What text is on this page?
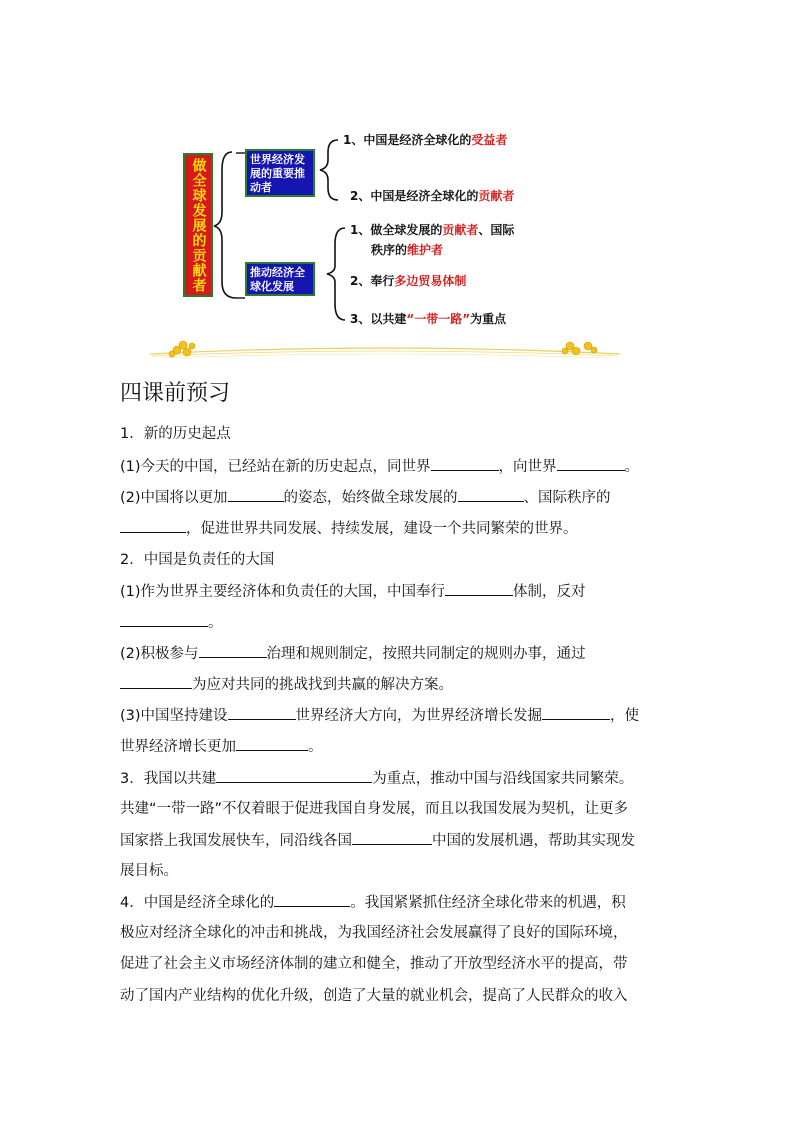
做全球发展的贡献者	世界经济发展的重要推动者
推动经济全球化发展
1、中国是经济全球化的受益者
2、中国是经济全球化的贡献者
1、做全球发展的贡献者、国际
秩序的维护者
2、奉行多边贸易体制
3、以共建“一带一路”为重点
四课前预习
1．新的历史起点
(1)今天的中国，已经站在新的历史起点，同世界	，向世界	。
(2)中国将以更加	的姿态，始终做全球发展的	、国际秩序的
，促进世界共同发展、持续发展，建设一个共同繁荣的世界。
2．中国是负责任的大国
(1)作为世界主要经济体和负责任的大国，中国奉行	体制，反对
。
(2)积极参与	治理和规则制定，按照共同制定的规则办事，通过
为应对共同的挑战找到共赢的解决方案。
(3)中国坚持建设	世界经济大方向，为世界经济增长发掘	，使
世界经济增长更加	。
3．我国以共建	为重点，推动中国与沿线国家共同繁荣。
共建“一带一路”不仅着眼于促进我国自身发展，而且以我国发展为契机，让更多
国家搭上我国发展快车，同沿线各国	中国的发展机遇，帮助其实现发
展目标。
4．中国是经济全球化的	。我国紧紧抓住经济全球化带来的机遇，积
极应对经济全球化的冲击和挑战，为我国经济社会发展赢得了良好的国际环境，
促进了社会主义市场经济体制的建立和健全，推动了开放型经济水平的提高，带
动了国内产业结构的优化升级，创造了大量的就业机会，提高了人民群众的收入
